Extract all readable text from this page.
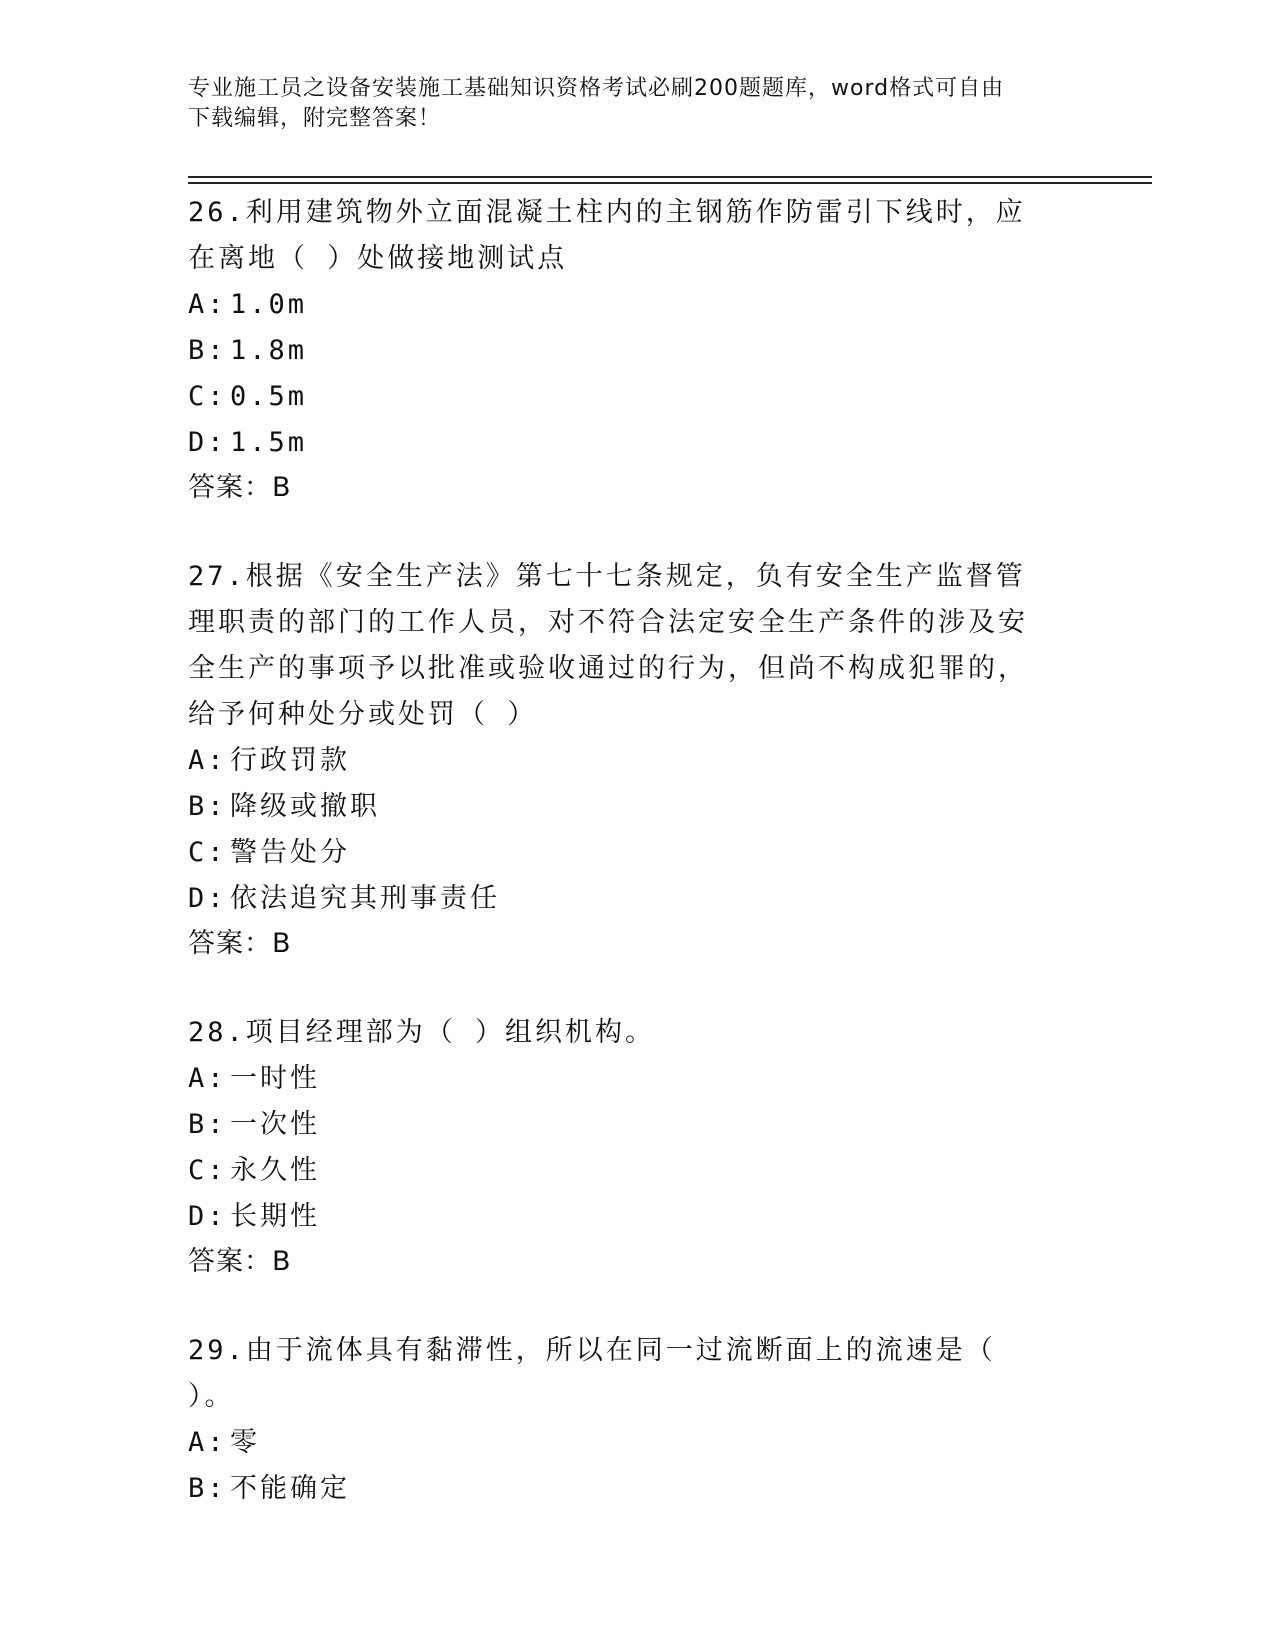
专业施工员之设备安装施工基础知识资格考试必刷200题题库，word格式可自由
下载编辑，附完整答案！

26.利用建筑物外立面混凝土柱内的主钢筋作防雷引下线时，应在离地（ ）处做接地测试点

A: 1.0m

B: 1.8m

C: 0.5m

D: 1.5m

答案：B

27.根据《安全生产法》第七十七条规定，负有安全生产监督管理职责的部门的工作人员，对不符合法定安全生产条件的涉及安全生产的事项予以批准或验收通过的行为，但尚不构成犯罪的，给予何种处分或处罚（ ）

A: 行政罚款

B: 降级或撤职

C: 警告处分

D: 依法追究其刑事责任

答案：B

28.项目经理部为（ ）组织机构。

A: 一时性

B: 一次性

C: 永久性

D: 长期性

答案：B

29.由于流体具有黏滞性，所以在同一过流断面上的流速是（ ）。

A: 零

B: 不能确定
